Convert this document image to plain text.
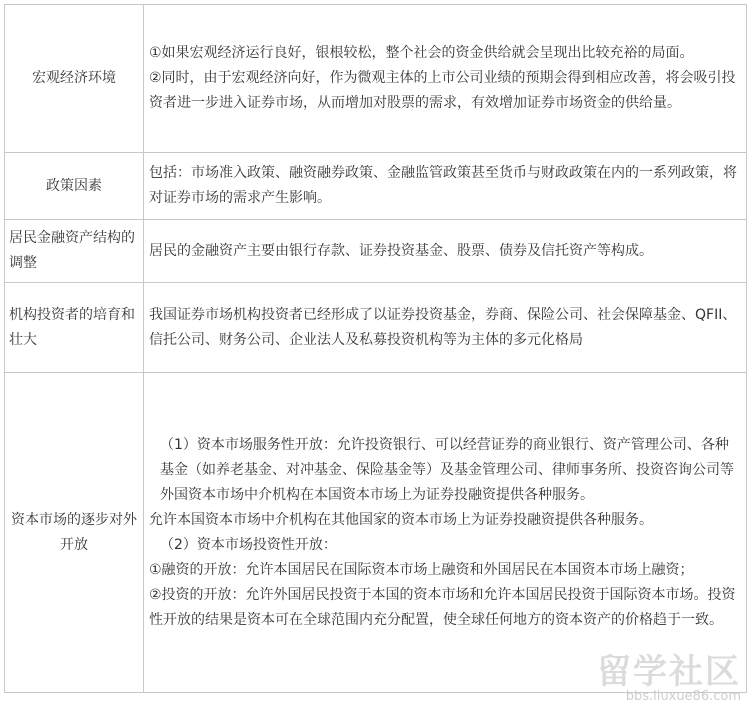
宏观经济环境	①如果宏观经济运行良好，银根较松，整个社会的资金供给就会呈现出比较充裕的局面。

②同时，由于宏观经济向好，作为微观主体的上市公司业绩的预期会得到相应改善，将会吸引投资者进一步进入证券市场，从而增加对股票的需求，有效增加证券市场资金的供给量。

政策因素	包括：市场准入政策、融资融券政策、金融监管政策甚至货币与财政政策在内的一系列政策，将对证券市场的需求产生影响。

居民金融资产结构的调整	居民的金融资产主要由银行存款、证券投资基金、股票、债券及信托资产等构成。

机构投资者的培育和壮大	我国证券市场机构投资者已经形成了以证券投资基金，券商、保险公司、社会保障基金、QFII、信托公司、财务公司、企业法人及私募投资机构等为主体的多元化格局

资本市场的逐步对外开放	（1）资本市场服务性开放：允许投资银行、可以经营证券的商业银行、资产管理公司、各种基金（如养老基金、对冲基金、保险基金等）及基金管理公司、律师事务所、投资咨询公司等外国资本市场中介机构在本国资本市场上为证券投融资提供各种服务。

允许本国资本市场中介机构在其他国家的资本市场上为证券投融资提供各种服务。

（2）资本市场投资性开放：

①融资的开放：允许本国居民在国际资本市场上融资和外国居民在本国资本市场上融资；

②投资的开放：允许外国居民投资于本国的资本市场和允许本国居民投资于国际资本市场。投资性开放的结果是资本可在全球范围内充分配置，使全球任何地方的资本资产的价格趋于一致。

留学社区
bbs.liuxue86.com
